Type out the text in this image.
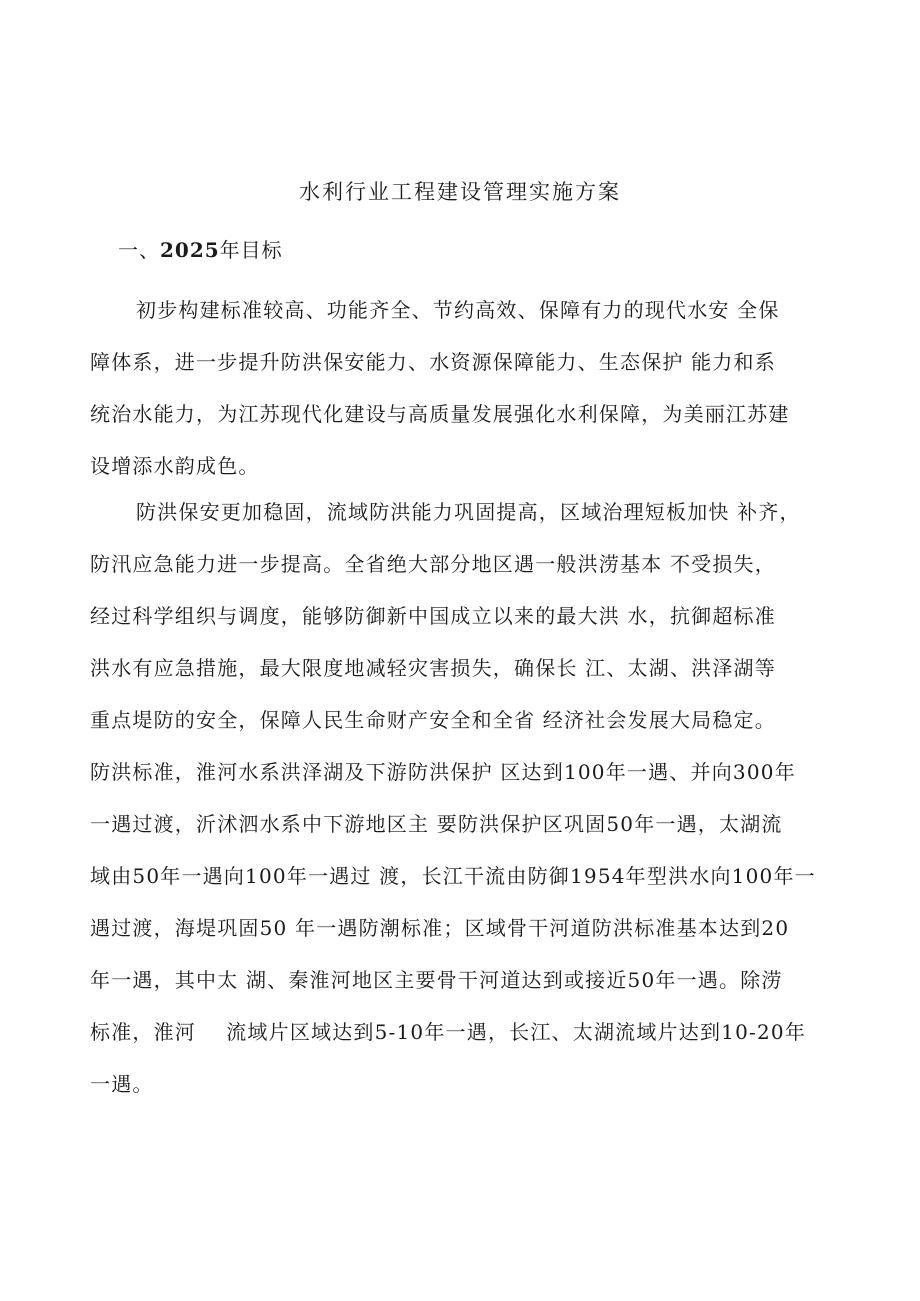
水利行业工程建设管理实施方案
一、2025年目标
初步构建标准较高、功能齐全、节约高效、保障有力的现代水安 全保
障体系，进一步提升防洪保安能力、水资源保障能力、生态保护 能力和系
统治水能力，为江苏现代化建设与高质量发展强化水利保障，为美丽江苏建
设增添水韵成色。
防洪保安更加稳固，流域防洪能力巩固提高，区域治理短板加快 补齐，
防汛应急能力进一步提高。全省绝大部分地区遇一般洪涝基本 不受损失，
经过科学组织与调度，能够防御新中国成立以来的最大洪 水，抗御超标准
洪水有应急措施，最大限度地减轻灾害损失，确保长 江、太湖、洪泽湖等
重点堤防的安全，保障人民生命财产安全和全省 经济社会发展大局稳定。
防洪标准，淮河水系洪泽湖及下游防洪保护 区达到100年一遇、并向300年
一遇过渡，沂沭泗水系中下游地区主 要防洪保护区巩固50年一遇，太湖流
域由50年一遇向100年一遇过 渡，长江干流由防御1954年型洪水向100年一
遇过渡，海堤巩固50 年一遇防潮标准；区域骨干河道防洪标准基本达到20
年一遇，其中太 湖、秦淮河地区主要骨干河道达到或接近50年一遇。除涝
标准，淮河    流域片区域达到5-10年一遇，长江、太湖流域片达到10-20年
一遇。
